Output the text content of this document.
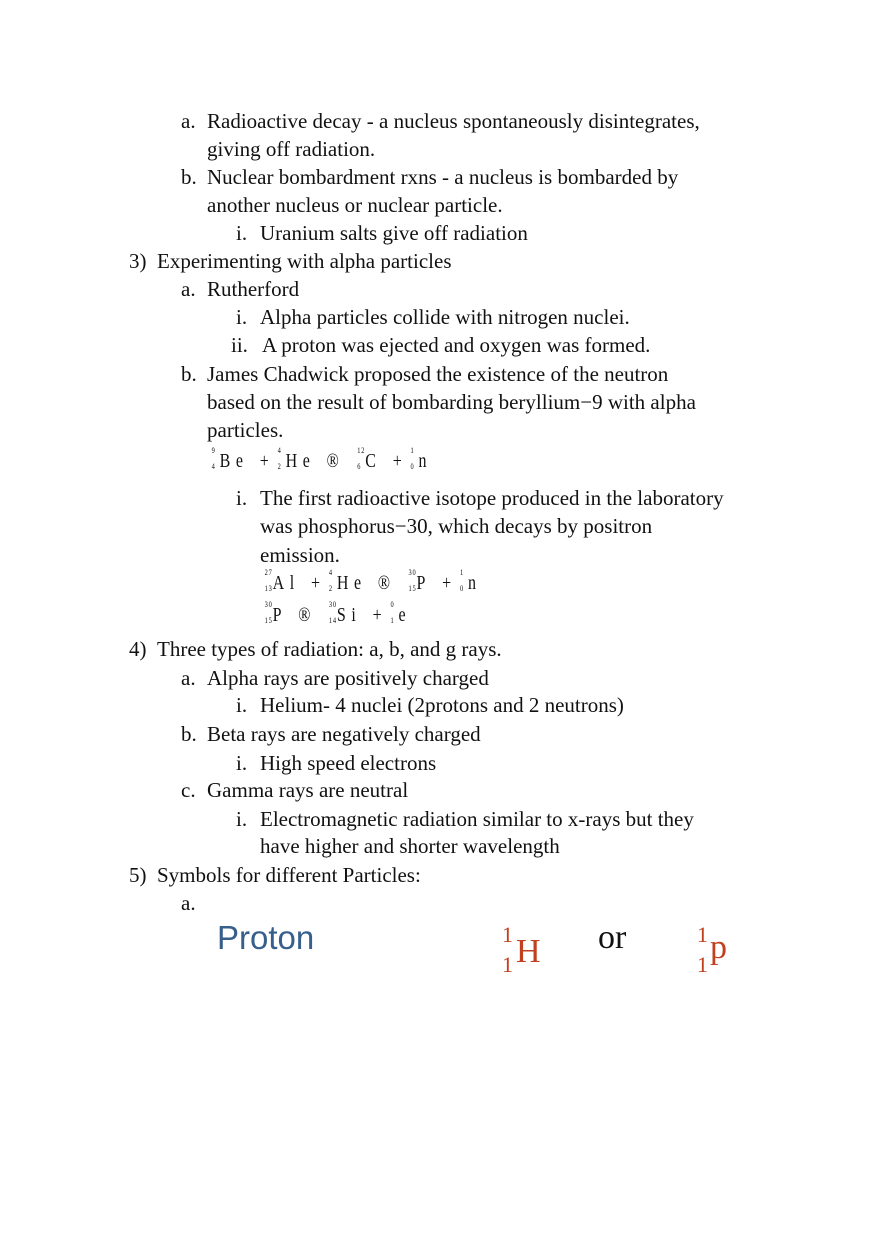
a. Radioactive decay - a nucleus spontaneously disintegrates,
giving off radiation.
b. Nuclear bombardment rxns - a nucleus is bombarded by
another nucleus or nuclear particle.
i. Uranium salts give off radiation
3) Experimenting with alpha particles
a. Rutherford
i. Alpha particles collide with nitrogen nuclei.
ii. A proton was ejected and oxygen was formed.
b. James Chadwick proposed the existence of the neutron
based on the result of bombarding beryllium−9 with alpha
particles.
9
4 Be + 4
2 He ® 12
6 C + 1
0 n
i. The first radioactive isotope produced in the laboratory
was phosphorus−30, which decays by positron
emission.
27
13 Al + 4
2 He ® 30
15 P + 1
0 n
30
15 P ® 30
14 Si + 0
1 e
4) Three types of radiation: a, b, and g rays.
a. Alpha rays are positively charged
i. Helium- 4 nuclei (2protons and 2 neutrons)
b. Beta rays are negatively charged
i. High speed electrons
c. Gamma rays are neutral
i. Electromagnetic radiation similar to x-rays but they
have higher and shorter wavelength
5) Symbols for different Particles:
a.
Proton	1
1 H or	1
1 p
